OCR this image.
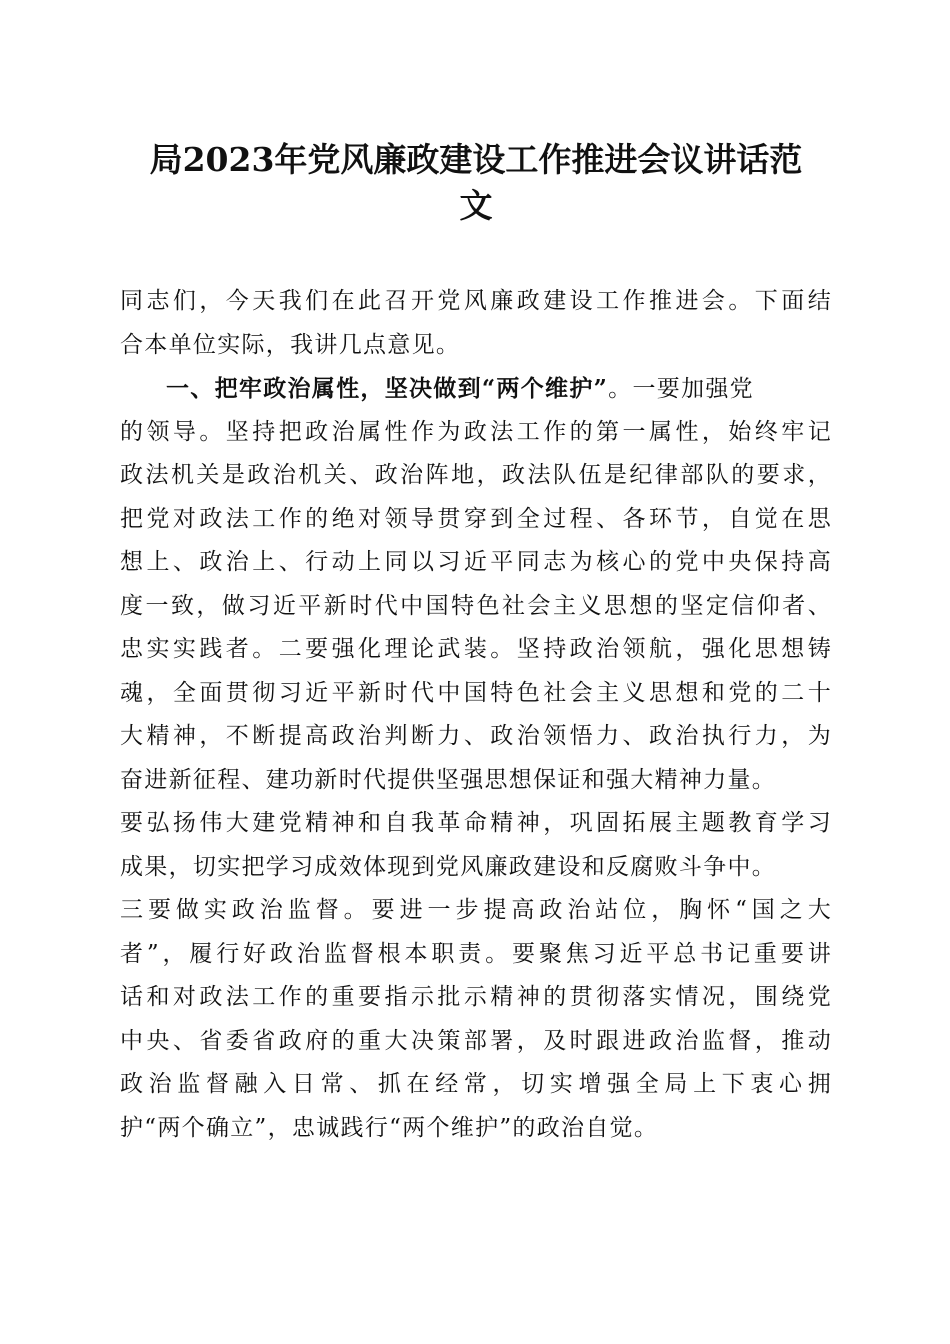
局2023年党风廉政建设工作推进会议讲话范
文
同志们，今天我们在此召开党风廉政建设工作推进会。下面结
合本单位实际，我讲几点意见。
一、把牢政治属性，坚决做到“两个维护”。一要加强党
的领导。坚持把政治属性作为政法工作的第一属性，始终牢记
政法机关是政治机关、政治阵地，政法队伍是纪律部队的要求，
把党对政法工作的绝对领导贯穿到全过程、各环节，自觉在思
想上、政治上、行动上同以习近平同志为核心的党中央保持高
度一致，做习近平新时代中国特色社会主义思想的坚定信仰者、
忠实实践者。二要强化理论武装。坚持政治领航，强化思想铸
魂，全面贯彻习近平新时代中国特色社会主义思想和党的二十
大精神，不断提高政治判断力、政治领悟力、政治执行力，为
奋进新征程、建功新时代提供坚强思想保证和强大精神力量。
要弘扬伟大建党精神和自我革命精神，巩固拓展主题教育学习
成果，切实把学习成效体现到党风廉政建设和反腐败斗争中。
三要做实政治监督。要进一步提高政治站位，胸怀“国之大
者”，履行好政治监督根本职责。要聚焦习近平总书记重要讲
话和对政法工作的重要指示批示精神的贯彻落实情况，围绕党
中央、省委省政府的重大决策部署，及时跟进政治监督，推动
政治监督融入日常、抓在经常，切实增强全局上下衷心拥
护“两个确立”，忠诚践行“两个维护”的政治自觉。
